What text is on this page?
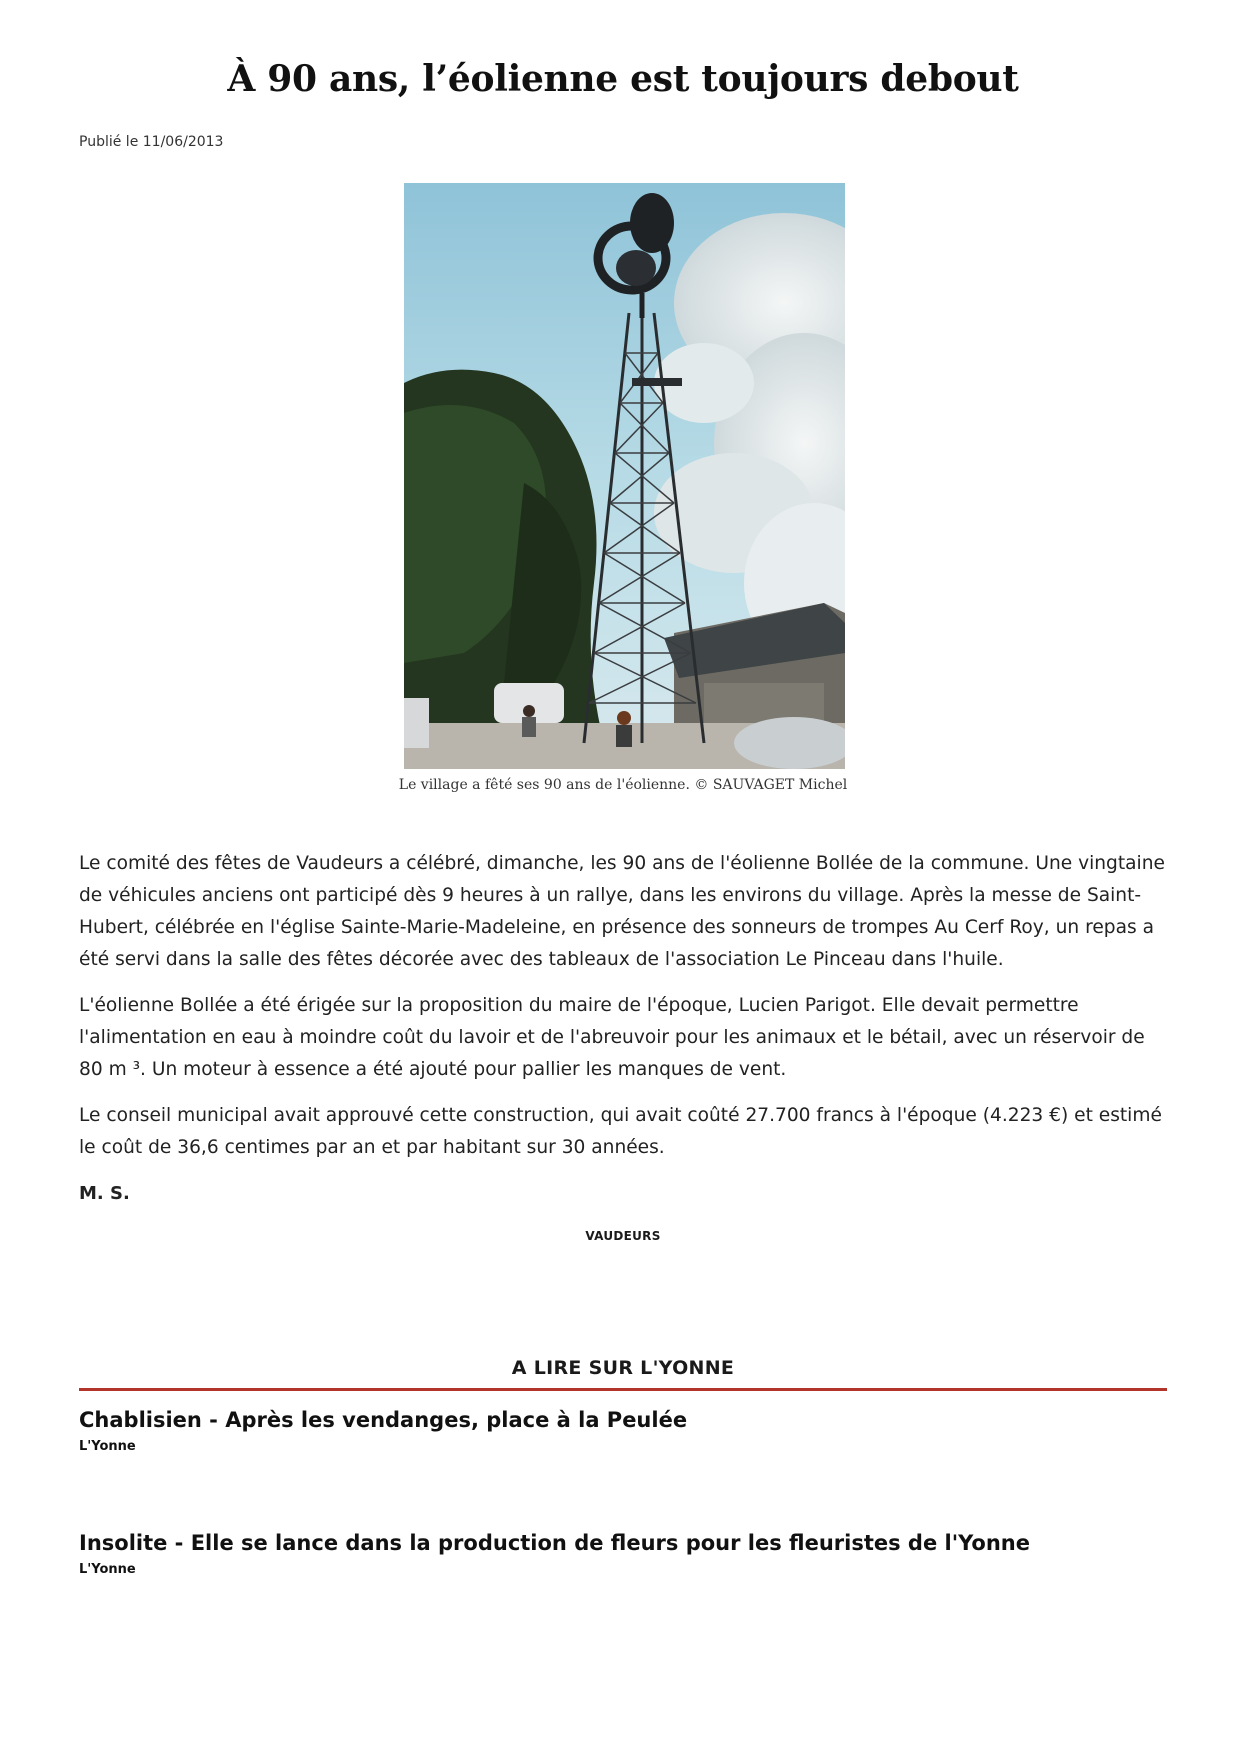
À 90 ans, l’éolienne est toujours debout
Publié le 11/06/2013
Le village a fêté ses 90 ans de l'éolienne. © SAUVAGET Michel

Le comité des fêtes de Vaudeurs a célébré, dimanche, les 90 ans de l'éolienne Bollée de la commune. Une vingtaine de véhicules anciens ont participé dès 9 heures à un rallye, dans les environs du village. Après la messe de Saint-Hubert, célébrée en l'église Sainte-Marie-Madeleine, en présence des sonneurs de trompes Au Cerf Roy, un repas a été servi dans la salle des fêtes décorée avec des tableaux de l'association Le Pinceau dans l'huile.

L'éolienne Bollée a été érigée sur la proposition du maire de l'époque, Lucien Parigot. Elle devait permettre l'alimentation en eau à moindre coût du lavoir et de l'abreuvoir pour les animaux et le bétail, avec un réservoir de 80 m ³. Un moteur à essence a été ajouté pour pallier les manques de vent.

Le conseil municipal avait approuvé cette construction, qui avait coûté 27.700 francs à l'époque (4.223 €) et estimé le coût de 36,6 centimes par an et par habitant sur 30 années.

M. S.
VAUDEURS
A LIRE SUR L'YONNE
Chablisien - Après les vendanges, place à la Peulée
L'Yonne
Insolite - Elle se lance dans la production de fleurs pour les fleuristes de l'Yonne
L'Yonne
